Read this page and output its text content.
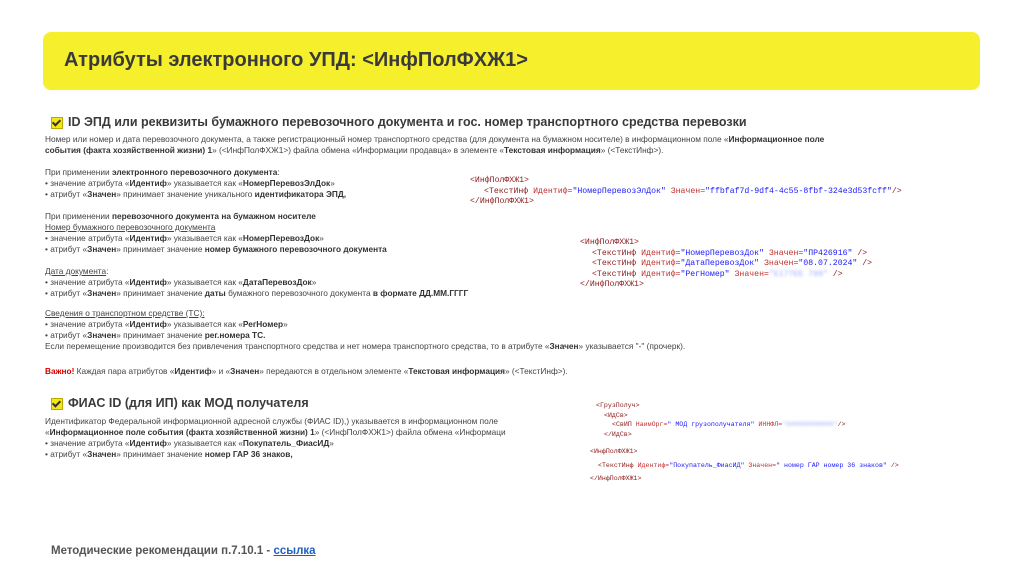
Атрибуты электронного УПД: <ИнфПолФХЖ1>
ID ЭПД или реквизиты бумажного перевозочного документа и гос. номер транспортного средства перевозки
Номер или номер и дата перевозочного документа, а также регистрационный номер транспортного средства (для документа на бумажном носителе) в информационном поле «Информационное поле
события (факта хозяйственной жизни) 1» (<ИнфПолФХЖ1>) файла обмена «Информации продавца» в элементе «Текстовая информация» (<ТекстИнф>).
При применении электронного перевозочного документа:
• значение атрибута «Идентиф» указывается как «НомерПеревозЭлДок»
• атрибут «Значен» принимает значение уникального идентификатора ЭПД,
При применении перевозочного документа на бумажном носителе
Номер бумажного перевозочного документа
• значение атрибута «Идентиф» указывается как «НомерПеревозДок»
• атрибут «Значен» принимает значение номер бумажного перевозочного документа
Дата документа:
• значение атрибута «Идентиф» указывается как «ДатаПеревозДок»
• атрибут «Значен» принимает значение даты бумажного перевозочного документа в формате ДД.ММ.ГГГГ
Сведения о транспортном средстве (ТС):
• значение атрибута «Идентиф» указывается как «РегНомер»
• атрибут «Значен» принимает значение рег.номера ТС.
Если перемещение производится без привлечения транспортного средства и нет номера транспортного средства, то в атрибуте «Значен» указывается "-" (прочерк).
Важно! Каждая пара атрибутов «Идентиф» и «Значен» передаются в отдельном элементе «Текстовая информация» (<ТекстИнф>).
<ИнфПолФХЖ1>
<ТекстИнф Идентиф="НомерПеревозЭлДок" Значен="ffbfaf7d-9df4-4c55-8fbf-324e3d53fcff"/>
</ИнфПолФХЖ1>
<ИнфПолФХЖ1>
<ТекстИнф Идентиф="НомерПеревозДок" Значен="ПР426916" />
<ТекстИнф Идентиф="ДатаПеревозДок" Значен="08.07.2024" />
<ТекстИнф Идентиф="РегНомер" Значен="Е177ЕЕ 799" />
</ИнфПолФХЖ1>
ФИАС ID (для ИП) как МОД получателя
Идентификатор Федеральной информационной адресной службы (ФИАС ID),) указывается в информационном поле
«Информационное поле события (факта хозяйственной жизни) 1» (<ИнфПолФХЖ1>) файла обмена «Информаци
• значение атрибута «Идентиф» указывается как «Покупатель_ФиасИД»
• атрибут «Значен» принимает значение номер ГАР 36 знаков,
<ГрузПолуч>
<ИдСв>
<СвИП НаимОрг=" МОД грузополучателя" ИННФЛ="000000000000"/>
</ИдСв>
<ИнфПолФХЖ1>
<ТекстИнф Идентиф="Покупатель_ФиасИД" Значен=" номер ГАР номер 36 знаков" />
</ИнфПолФХЖ1>
Методические рекомендации п.7.10.1 - ссылка
